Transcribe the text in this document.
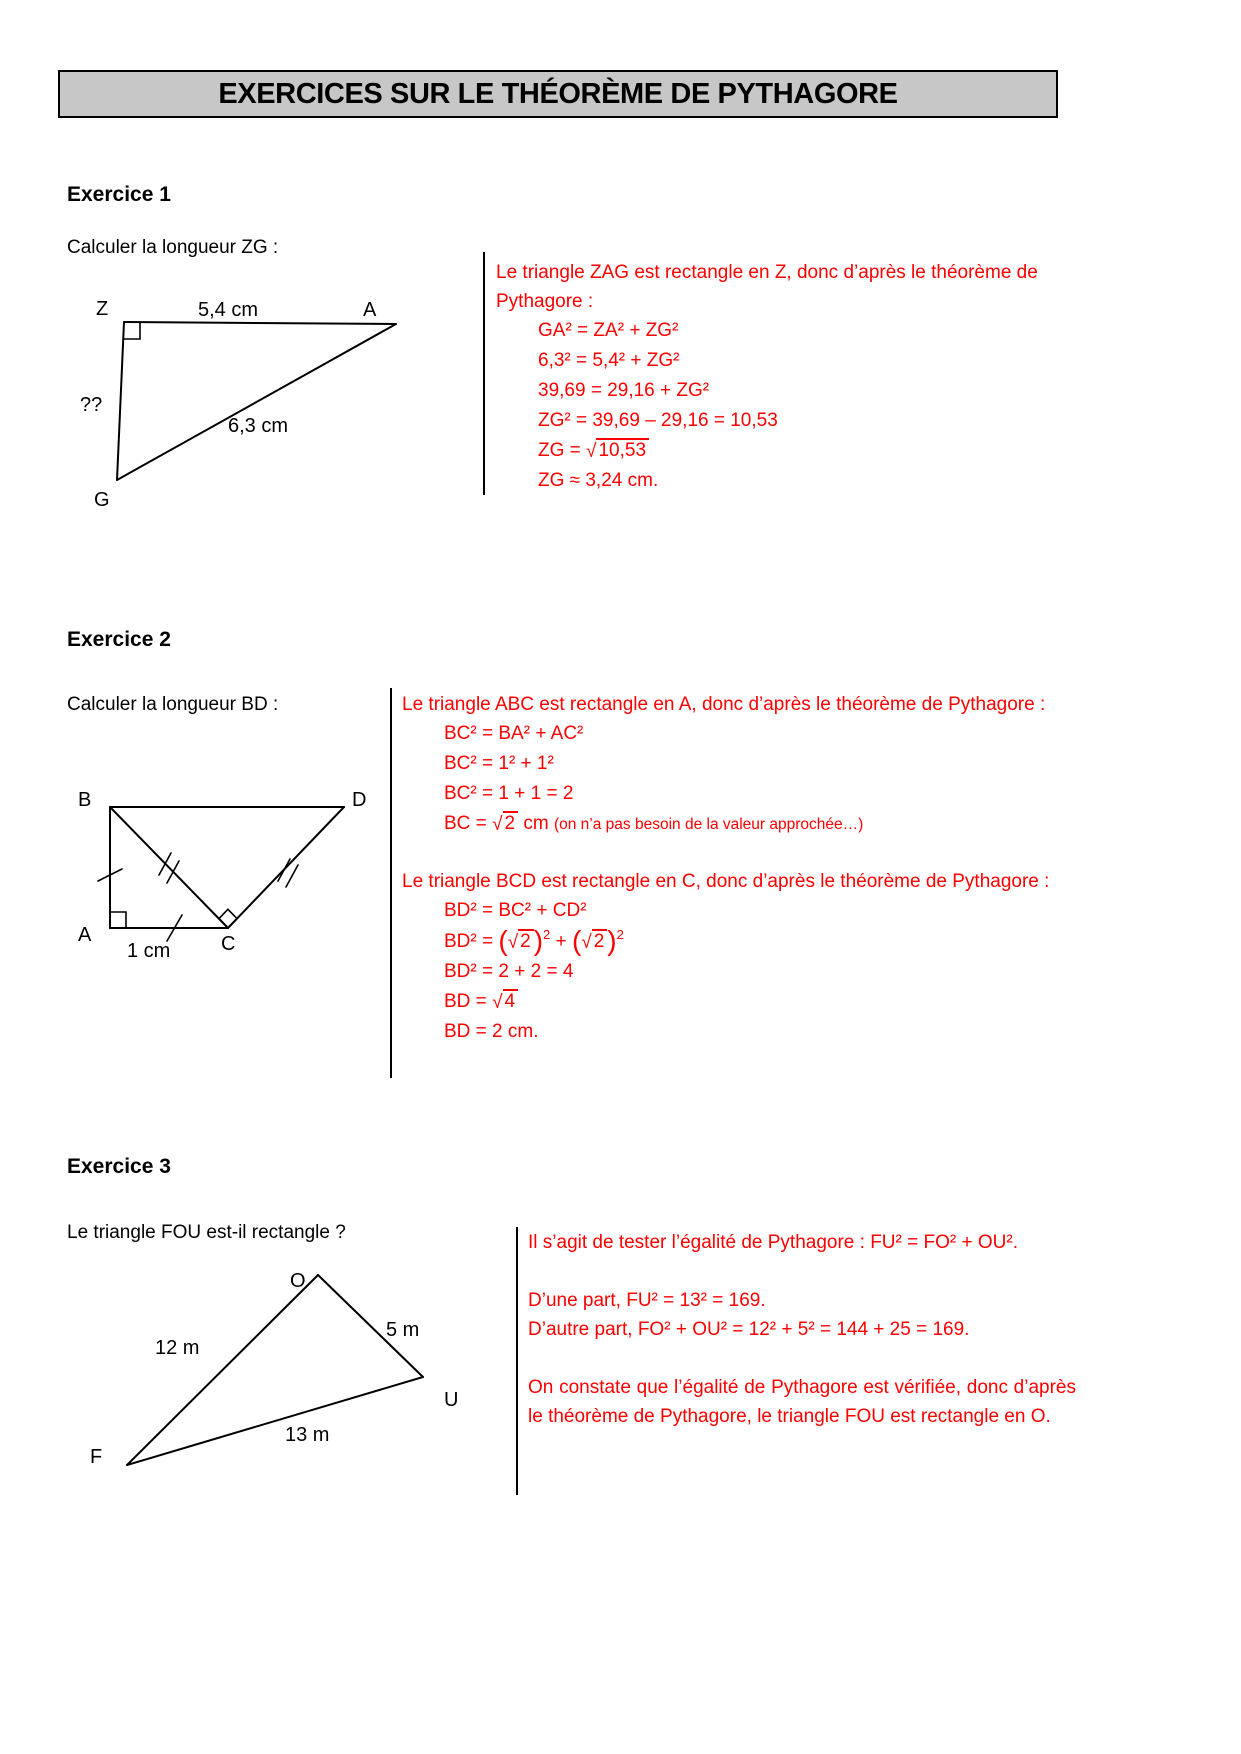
EXERCICES SUR LE THÉORÈME DE PYTHAGORE
Exercice 1

Calculer la longueur ZG :

Z	5,4 cm	A
??
6,3 cm
G

Le triangle ZAG est rectangle en Z, donc d’après le théorème de Pythagore :

GA² = ZA² + ZG²
6,3² = 5,4² + ZG²
39,69 = 29,16 + ZG²
ZG² = 39,69 – 29,16 = 10,53
ZG = √ 10,53
ZG ≈ 3,24 cm.
Exercice 2

Calculer la longueur BD :

B	D
A	C
1 cm

Le triangle ABC est rectangle en A, donc d’après le théorème de Pythagore :

BC² = BA² + AC²
BC² = 1² + 1²
BC² = 1 + 1 = 2
BC = √ 2 cm (on n’a pas besoin de la valeur approchée…)

Le triangle BCD est rectangle en C, donc d’après le théorème de Pythagore :

BD² = BC² + CD²
BD² = (√ 2 )$^2$ + (√ 2 )$^2$
BD² = 2 + 2 = 4
BD = √ 4
BD = 2 cm.
Exercice 3

Le triangle FOU est-il rectangle ?

O
5 m
12 m
U
13 m
F

Il s’agit de tester l’égalité de Pythagore : FU² = FO² + OU².

D’une part, FU² = 13² = 169.

D’autre part, FO² + OU² = 12² + 5² = 144 + 25 = 169.

On constate que l’égalité de Pythagore est vérifiée, donc d’après le théorème de Pythagore, le triangle FOU est rectangle en O.
